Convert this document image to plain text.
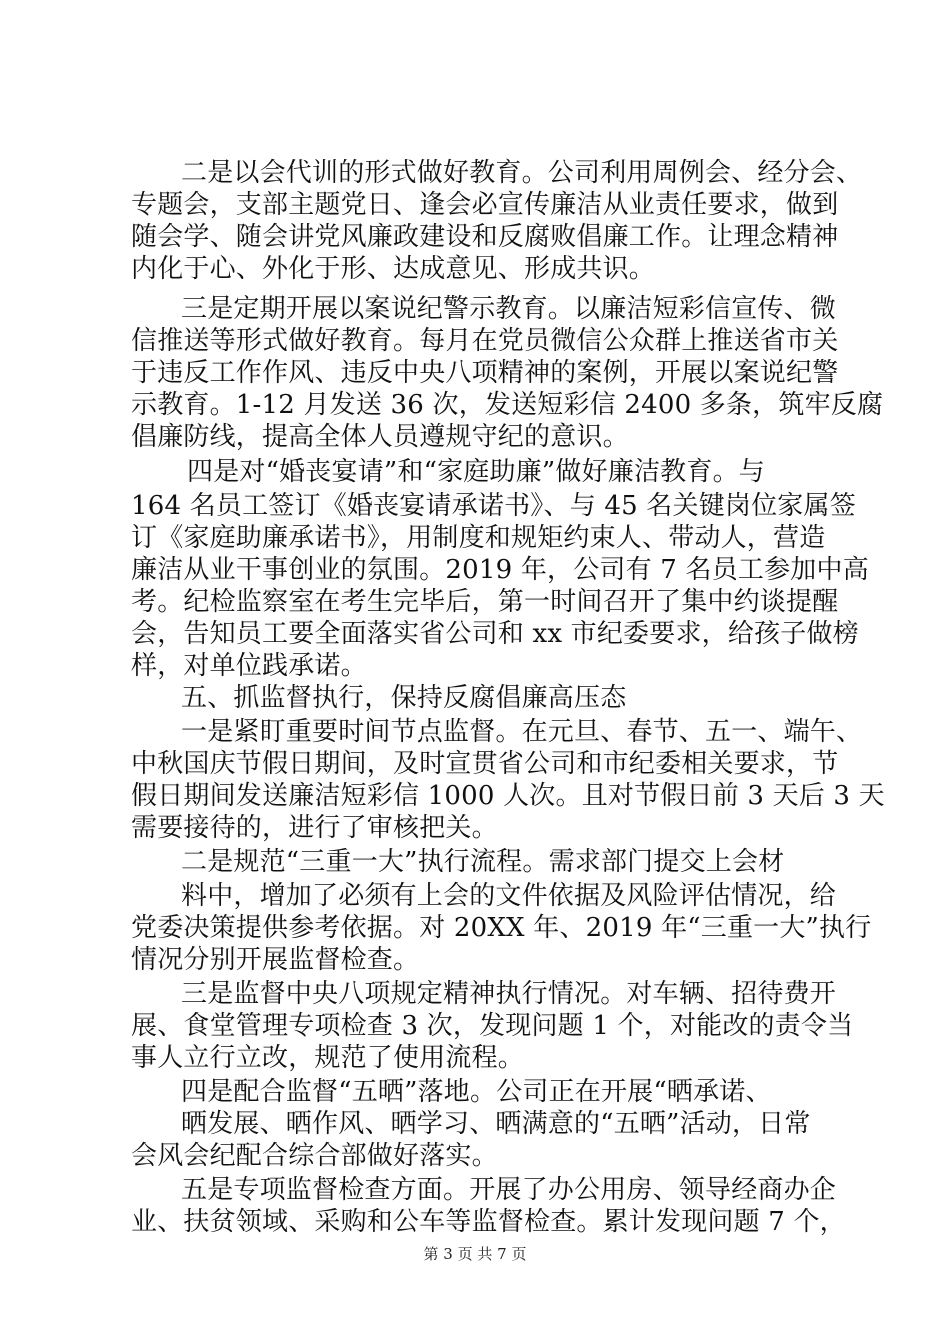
二是以会代训的形式做好教育。公司利用周例会、经分会、
专题会，支部主题党日、逢会必宣传廉洁从业责任要求，做到
随会学、随会讲党风廉政建设和反腐败倡廉工作。让理念精神
内化于心、外化于形、达成意见、形成共识。
三是定期开展以案说纪警示教育。以廉洁短彩信宣传、微
信推送等形式做好教育。每月在党员微信公众群上推送省市关
于违反工作作风、违反中央八项精神的案例，开展以案说纪警
示教育。1-12 月发送 36 次，发送短彩信 2400 多条，筑牢反腐
倡廉防线，提高全体人员遵规守纪的意识。
四是对“婚丧宴请”和“家庭助廉”做好廉洁教育。与
164 名员工签订《婚丧宴请承诺书》、与 45 名关键岗位家属签
订《家庭助廉承诺书》，用制度和规矩约束人、带动人，营造
廉洁从业干事创业的氛围。2019 年，公司有 7 名员工参加中高
考。纪检监察室在考生完毕后，第一时间召开了集中约谈提醒
会，告知员工要全面落实省公司和 xx 市纪委要求，给孩子做榜
样，对单位践承诺。
五、抓监督执行，保持反腐倡廉高压态
一是紧盯重要时间节点监督。在元旦、春节、五一、端午、
中秋国庆节假日期间，及时宣贯省公司和市纪委相关要求，节
假日期间发送廉洁短彩信 1000 人次。且对节假日前 3 天后 3 天
需要接待的，进行了审核把关。
二是规范“三重一大”执行流程。需求部门提交上会材
料中，增加了必须有上会的文件依据及风险评估情况，给
党委决策提供参考依据。对 20XX 年、2019 年“三重一大”执行
情况分别开展监督检查。
三是监督中央八项规定精神执行情况。对车辆、招待费开
展、食堂管理专项检查 3 次，发现问题 1 个，对能改的责令当
事人立行立改，规范了使用流程。
四是配合监督“五晒”落地。公司正在开展“晒承诺、
晒发展、晒作风、晒学习、晒满意的“五晒”活动，日常
会风会纪配合综合部做好落实。
五是专项监督检查方面。开展了办公用房、领导经商办企
业、扶贫领域、采购和公车等监督检查。累计发现问题 7 个，
第 3 页 共 7 页
